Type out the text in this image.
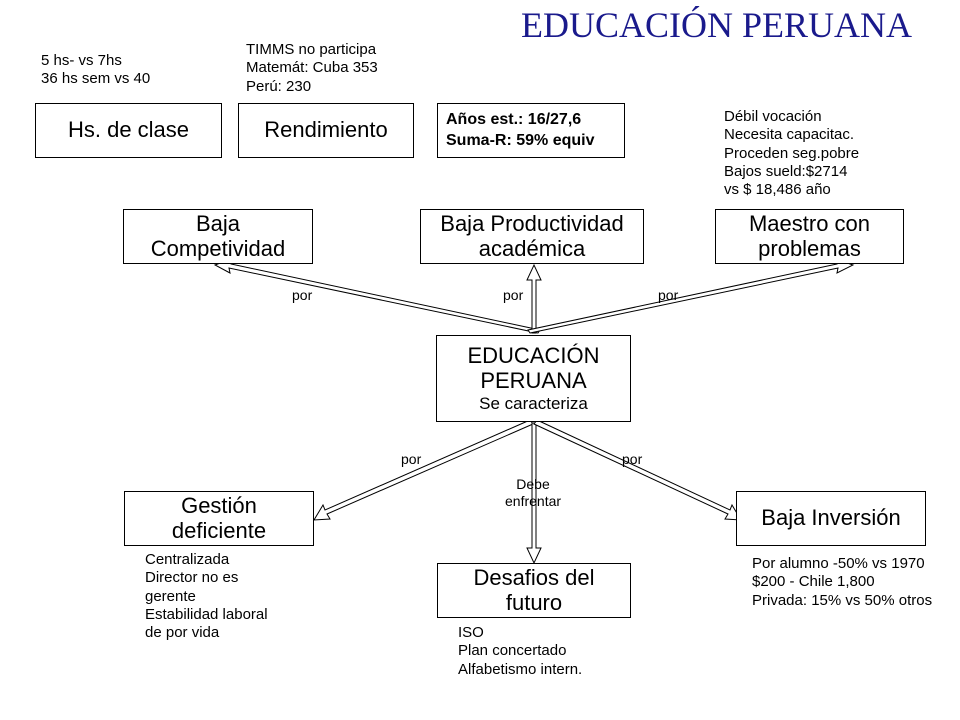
EDUCACIÓN PERUANA
5 hs- vs 7hs
36 hs sem vs 40
TIMMS no participa
Matemát: Cuba 353
Perú: 230
Débil vocación
Necesita capacitac.
Proceden seg.pobre
Bajos sueld:$2714
vs $ 18,486 año
Centralizada
Director no es
gerente
Estabilidad laboral
de por vida	ISO
Plan concertado
Alfabetismo intern.
Por alumno -50% vs 1970
$200 - Chile 1,800
Privada: 15% vs 50% otros
Hs. de clase	Rendimiento	Años est.: 16/27,6
Suma-R: 59% equiv
Baja
Competividad
Baja Productividad
académica
Maestro con
problemas
EDUCACIÓN
PERUANA
Se caracteriza
Gestión
deficiente
Desafios del
futuro
Baja Inversión
por	por	por
por	por
Debe
enfrentar
